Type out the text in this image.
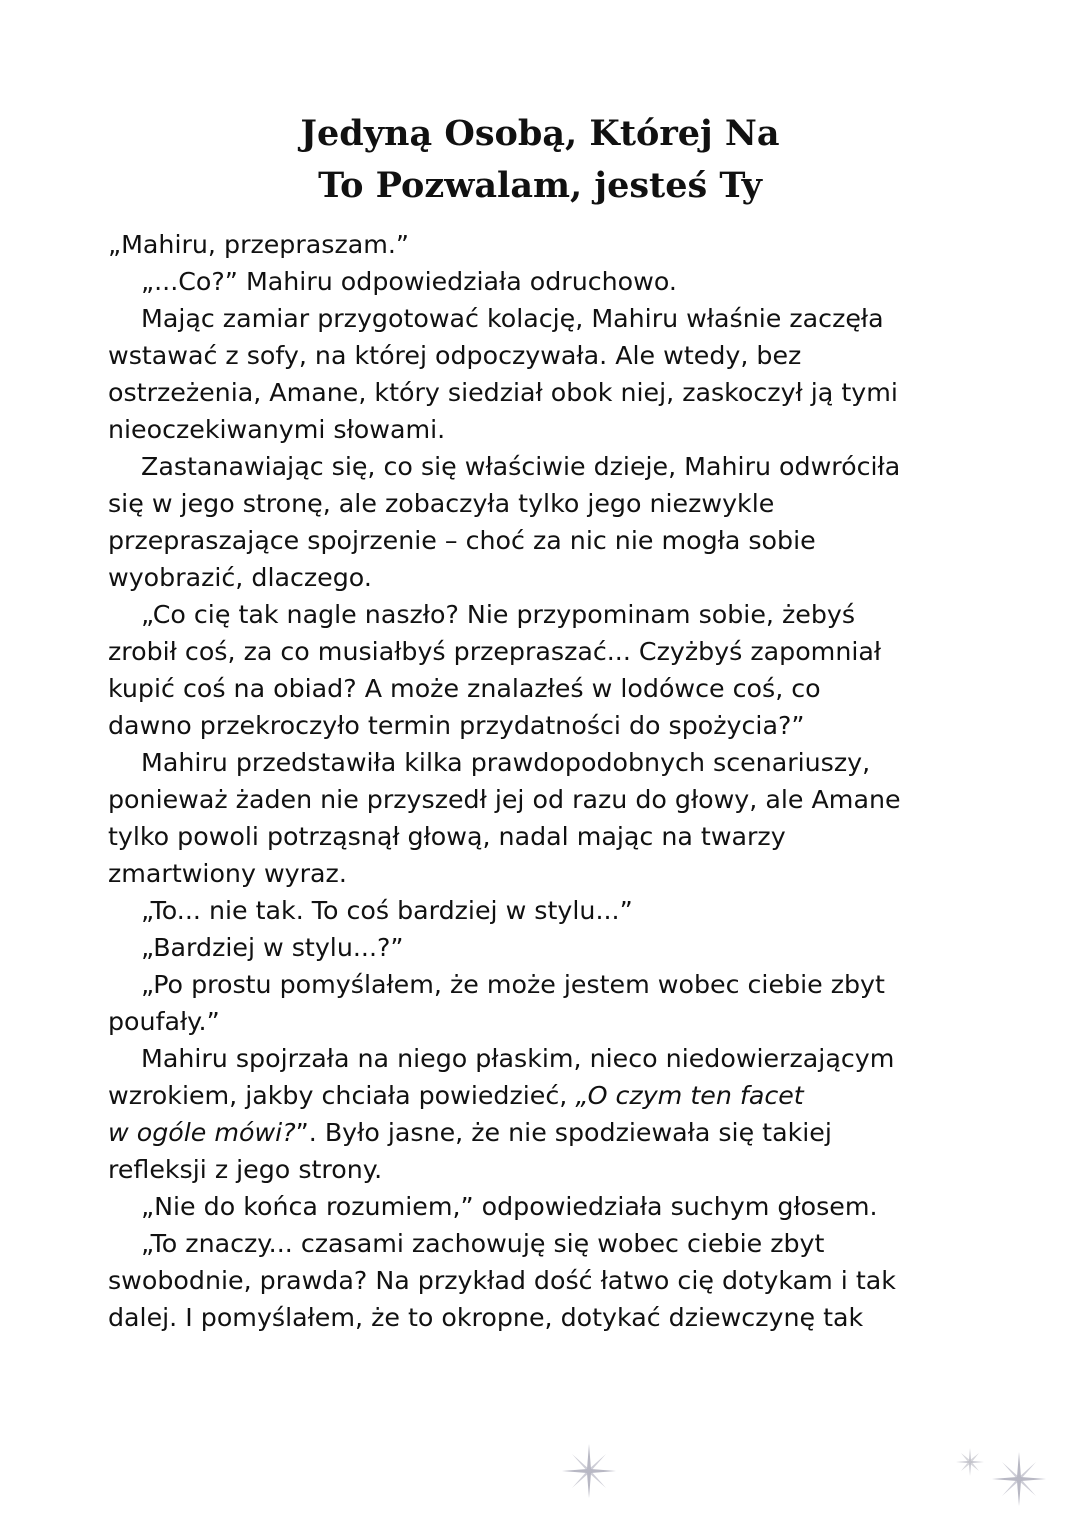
Jedyną Osobą, Której Na
To Pozwalam, jesteś Ty
„Mahiru, przepraszam.”
„...Co?” Mahiru odpowiedziała odruchowo.
Mając zamiar przygotować kolację, Mahiru właśnie zaczęła
wstawać z sofy, na której odpoczywała. Ale wtedy, bez
ostrzeżenia, Amane, który siedział obok niej, zaskoczył ją tymi
nieoczekiwanymi słowami.
Zastanawiając się, co się właściwie dzieje, Mahiru odwróciła
się w jego stronę, ale zobaczyła tylko jego niezwykle
przepraszające spojrzenie – choć za nic nie mogła sobie
wyobrazić, dlaczego.
„Co cię tak nagle naszło? Nie przypominam sobie, żebyś
zrobił coś, za co musiałbyś przepraszać... Czyżbyś zapomniał
kupić coś na obiad? A może znalazłeś w lodówce coś, co
dawno przekroczyło termin przydatności do spożycia?”
Mahiru przedstawiła kilka prawdopodobnych scenariuszy,
ponieważ żaden nie przyszedł jej od razu do głowy, ale Amane
tylko powoli potrząsnął głową, nadal mając na twarzy
zmartwiony wyraz.
„To... nie tak. To coś bardziej w stylu...”
„Bardziej w stylu...?”
„Po prostu pomyślałem, że może jestem wobec ciebie zbyt
poufały.”
Mahiru spojrzała na niego płaskim, nieco niedowierzającym
wzrokiem, jakby chciała powiedzieć, „O czym ten facet
w ogóle mówi?”. Było jasne, że nie spodziewała się takiej
refleksji z jego strony.
„Nie do końca rozumiem,” odpowiedziała suchym głosem.
„To znaczy... czasami zachowuję się wobec ciebie zbyt
swobodnie, prawda? Na przykład dość łatwo cię dotykam i tak
dalej. I pomyślałem, że to okropne, dotykać dziewczynę tak
